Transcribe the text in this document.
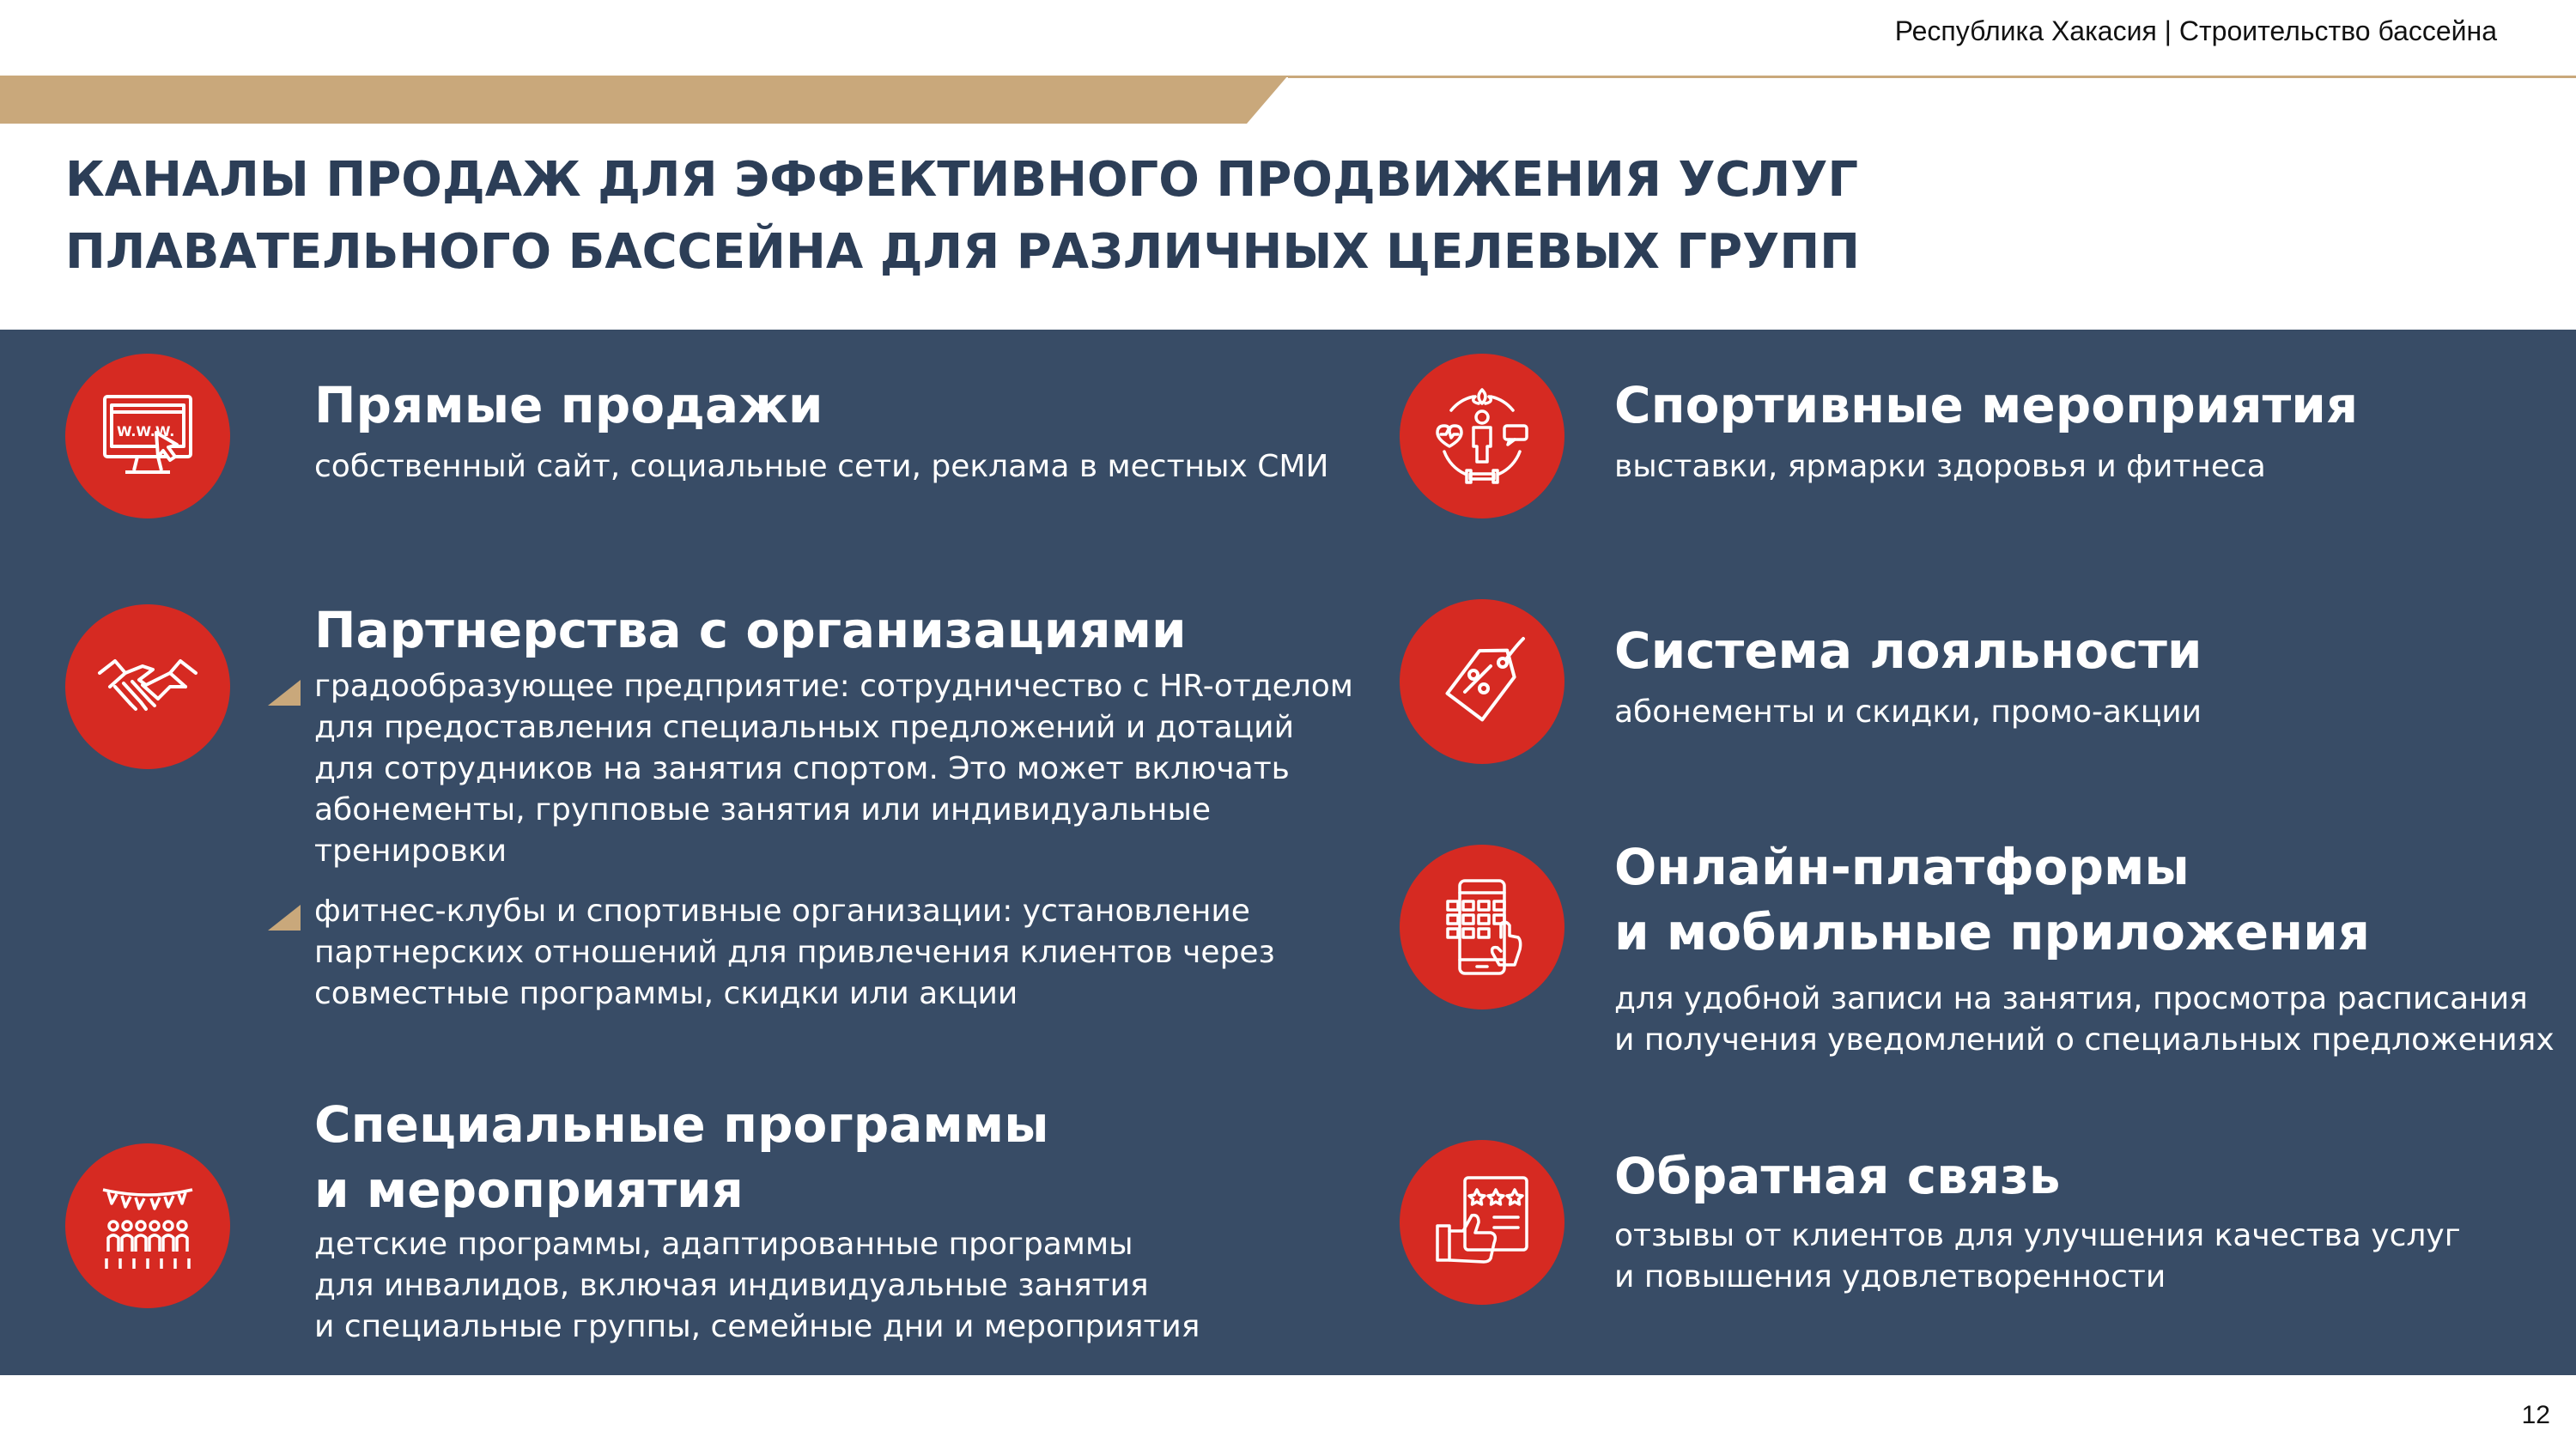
Республика Хакасия | Строительство бассейна
КАНАЛЫ ПРОДАЖ ДЛЯ ЭФФЕКТИВНОГО ПРОДВИЖЕНИЯ УСЛУГ
ПЛАВАТЕЛЬНОГО БАССЕЙНА ДЛЯ РАЗЛИЧНЫХ ЦЕЛЕВЫХ ГРУПП
W.W.W.	Прямые продажи
собственный сайт, социальные сети, реклама в местных СМИ
Партнерства с организациями
градообразующее предприятие: сотрудничество с HR-отделом
для предоставления специальных предложений и дотаций
для сотрудников на занятия спортом. Это может включать
абонементы, групповые занятия или индивидуальные
тренировки
фитнес-клубы и спортивные организации: установление
партнерских отношений для привлечения клиентов через
совместные программы, скидки или акции
Специальные программы
и мероприятия
детские программы, адаптированные программы
для инвалидов, включая индивидуальные занятия
и специальные группы, семейные дни и мероприятия
Спортивные мероприятия
выставки, ярмарки здоровья и фитнеса
Система лояльности
абонементы и скидки, промо-акции
Онлайн-платформы
и мобильные приложения
для удобной записи на занятия, просмотра расписания
и получения уведомлений о специальных предложениях
Обратная связь
отзывы от клиентов для улучшения качества услуг
и повышения удовлетворенности
12
